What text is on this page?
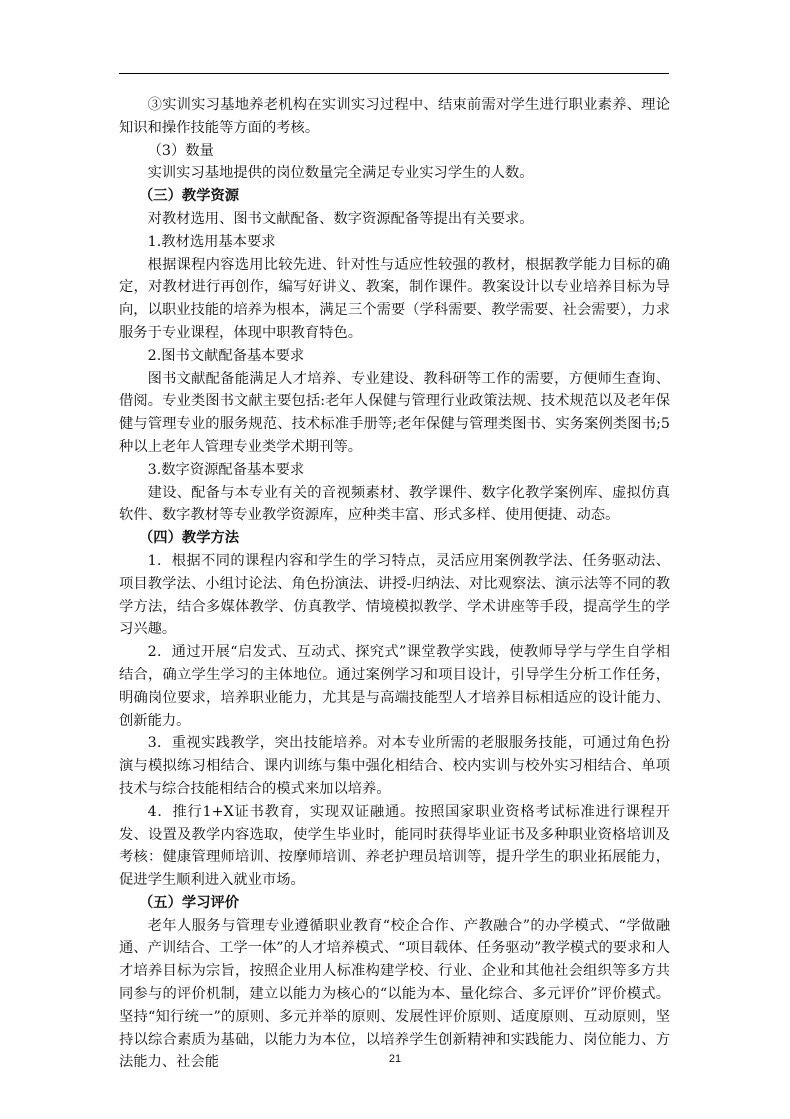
③实训实习基地养老机构在实训实习过程中、结束前需对学生进行职业素养、理论知识和操作技能等方面的考核。

（3）数量

实训实习基地提供的岗位数量完全满足专业实习学生的人数。

（三）教学资源

对教材选用、图书文献配备、数字资源配备等提出有关要求。

1.教材选用基本要求

根据课程内容选用比较先进、针对性与适应性较强的教材，根据教学能力目标的确定，对教材进行再创作，编写好讲义、教案，制作课件。教案设计以专业培养目标为导向，以职业技能的培养为根本，满足三个需要（学科需要、教学需要、社会需要），力求服务于专业课程，体现中职教育特色。

2.图书文献配备基本要求

图书文献配备能满足人才培养、专业建设、教科研等工作的需要，方便师生查询、借阅。专业类图书文献主要包括:老年人保健与管理行业政策法规、技术规范以及老年保健与管理专业的服务规范、技术标准手册等;老年保健与管理类图书、实务案例类图书;5种以上老年人管理专业类学术期刊等。

3.数字资源配备基本要求

建设、配备与本专业有关的音视频素材、教学课件、数字化教学案例库、虚拟仿真软件、数字教材等专业教学资源库，应种类丰富、形式多样、使用便捷、动态。

（四）教学方法

1．根据不同的课程内容和学生的学习特点，灵活应用案例教学法、任务驱动法、项目教学法、小组讨论法、角色扮演法、讲授-归纳法、对比观察法、演示法等不同的教学方法，结合多媒体教学、仿真教学、情境模拟教学、学术讲座等手段，提高学生的学习兴趣。

2．通过开展“启发式、互动式、探究式”课堂教学实践，使教师导学与学生自学相结合，确立学生学习的主体地位。通过案例学习和项目设计，引导学生分析工作任务，明确岗位要求，培养职业能力，尤其是与高端技能型人才培养目标相适应的设计能力、创新能力。

3．重视实践教学，突出技能培养。对本专业所需的老服服务技能，可通过角色扮演与模拟练习相结合、课内训练与集中强化相结合、校内实训与校外实习相结合、单项技术与综合技能相结合的模式来加以培养。

4．推行1+X证书教育，实现双证融通。按照国家职业资格考试标准进行课程开发、设置及教学内容选取，使学生毕业时，能同时获得毕业证书及多种职业资格培训及考核：健康管理师培训、按摩师培训、养老护理员培训等，提升学生的职业拓展能力，促进学生顺利进入就业市场。

（五）学习评价

老年人服务与管理专业遵循职业教育“校企合作、产教融合”的办学模式、“学做融通、产训结合、工学一体”的人才培养模式、“项目载体、任务驱动”教学模式的要求和人才培养目标为宗旨，按照企业用人标准构建学校、行业、企业和其他社会组织等多方共同参与的评价机制，建立以能力为核心的“以能为本、量化综合、多元评价”评价模式。坚持“知行统一”的原则、多元并举的原则、发展性评价原则、适度原则、互动原则，坚持以综合素质为基础，以能力为本位，以培养学生创新精神和实践能力、岗位能力、方法能力、社会能	21
